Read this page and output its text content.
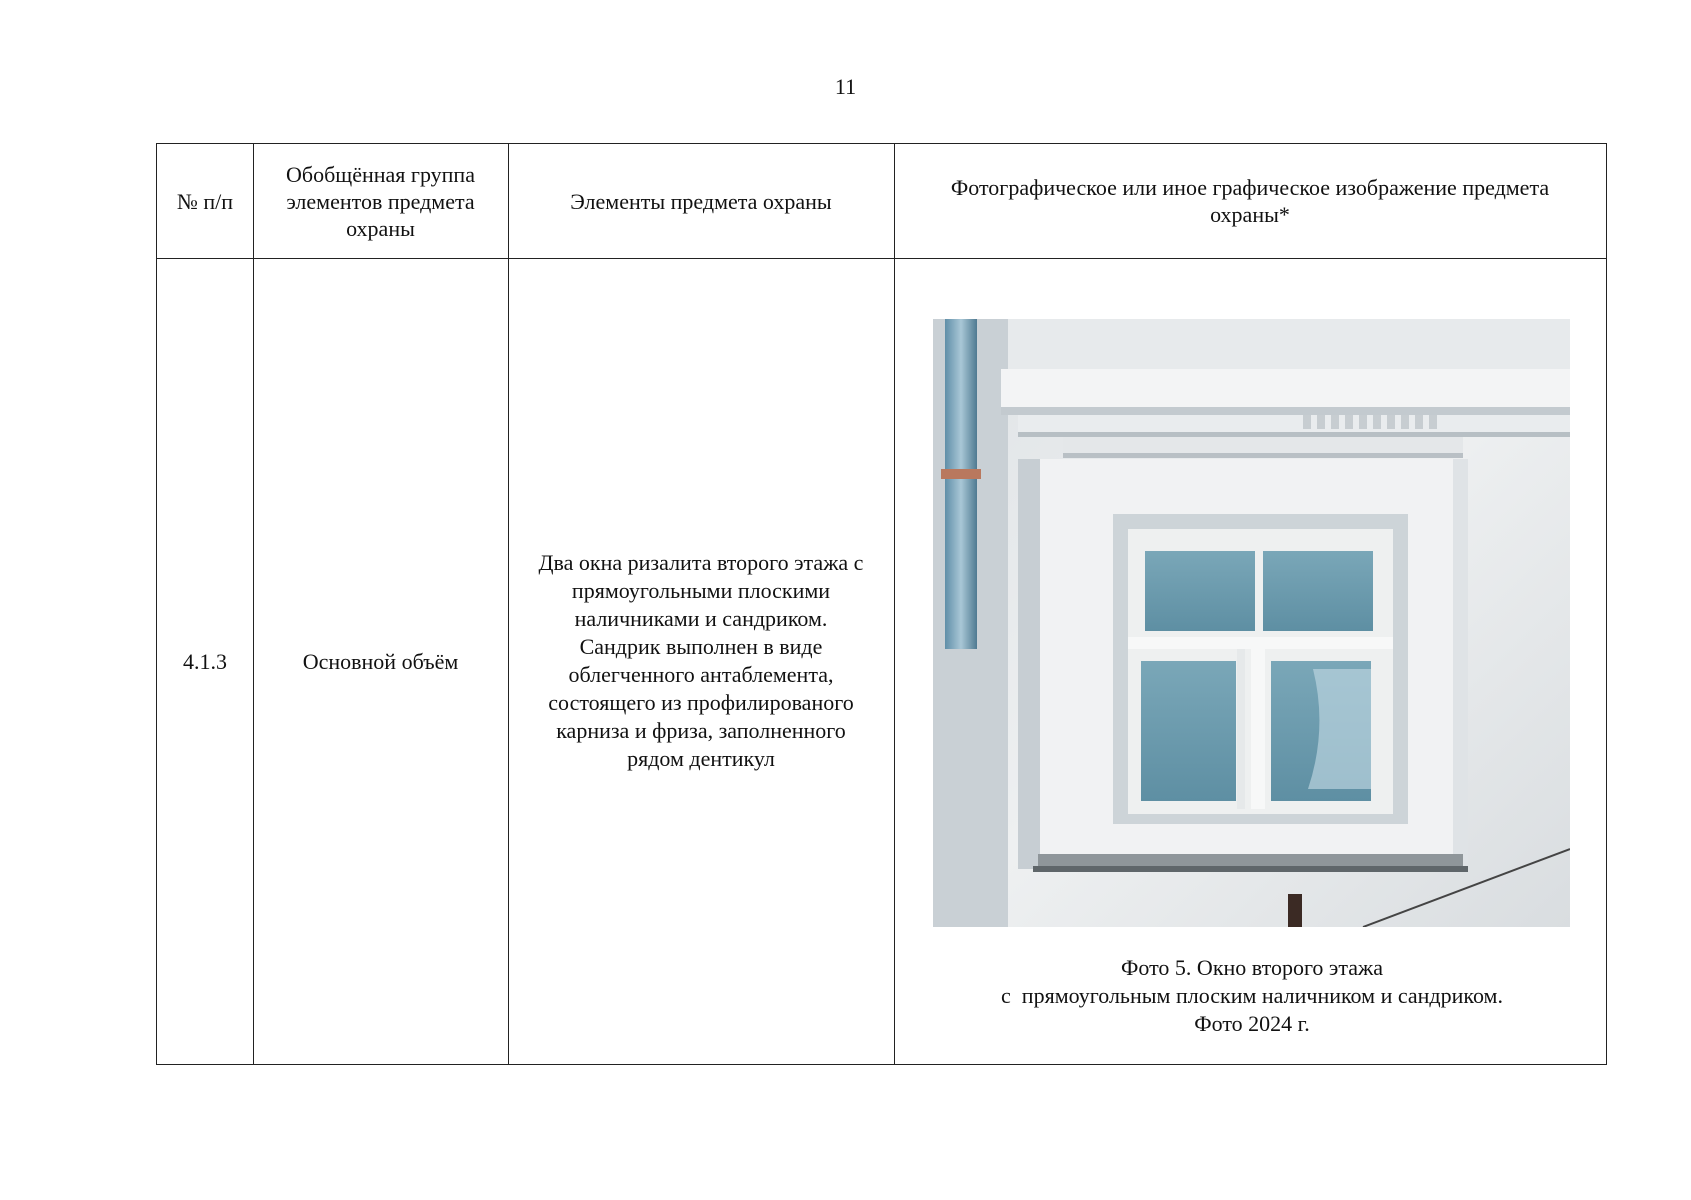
11
№ п/п
Обобщённая группа элементов предмета охраны
Элементы предмета охраны
Фотографическое или иное графическое изображение предмета охраны*
4.1.3	Основной объём
Два окна ризалита второго этажа с прямоугольными плоскими наличниками и сандриком. Сандрик выполнен в виде облегченного антаблемента, состоящего из профилированого карниза и фриза, заполненного рядом дентикул
Фото 5. Окно второго этажа
с  прямоугольным плоским наличником и сандриком.
Фото 2024 г.
